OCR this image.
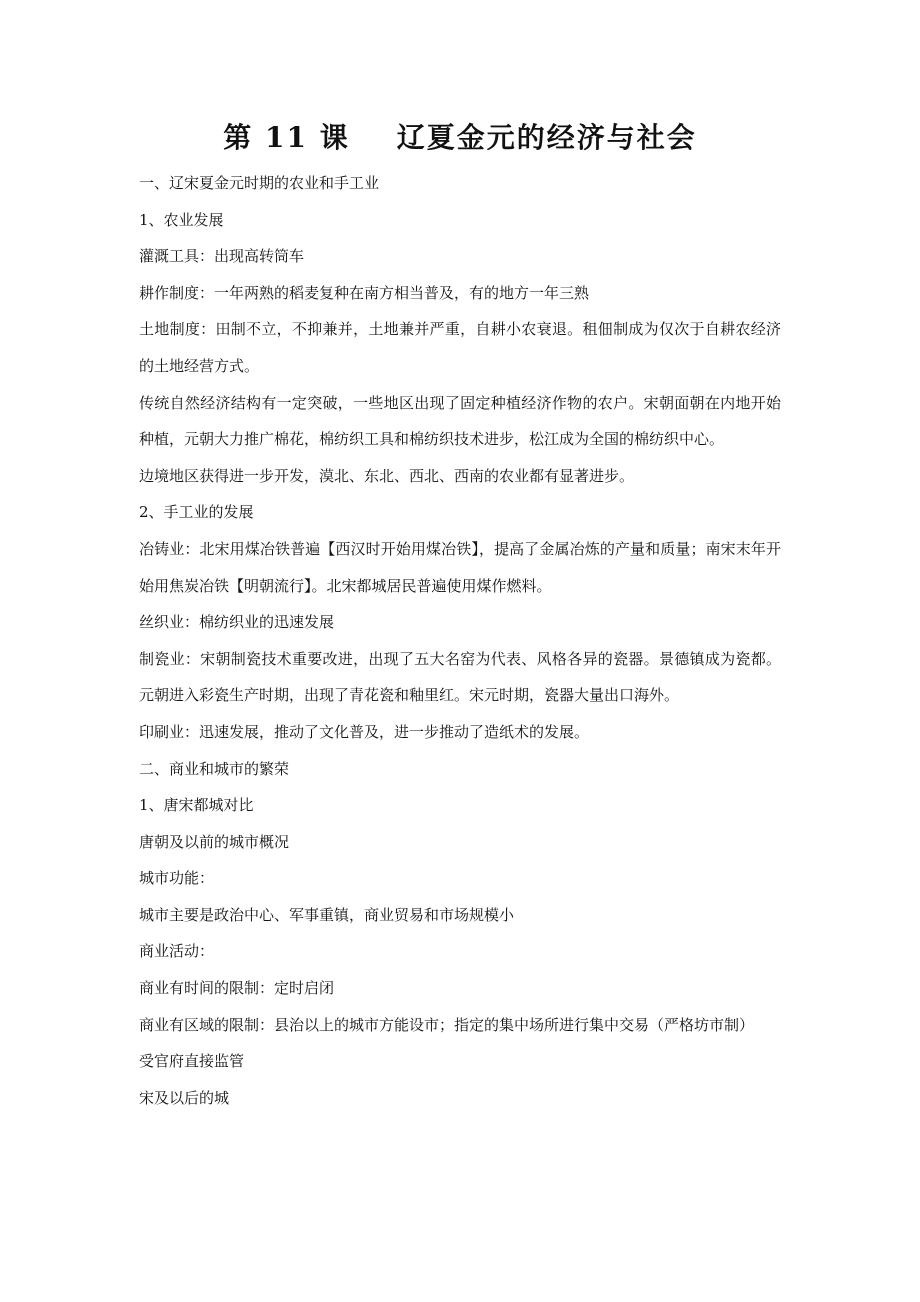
第 11 课    辽夏金元的经济与社会

一、辽宋夏金元时期的农业和手工业

1、农业发展

灌溉工具：出现高转筒车

耕作制度：一年两熟的稻麦复种在南方相当普及，有的地方一年三熟

土地制度：田制不立，不抑兼并，土地兼并严重，自耕小农衰退。租佃制成为仅次于自耕农经济的土地经营方式。

传统自然经济结构有一定突破，一些地区出现了固定种植经济作物的农户。宋朝面朝在内地开始种植，元朝大力推广棉花，棉纺织工具和棉纺织技术进步，松江成为全国的棉纺织中心。

边境地区获得进一步开发，漠北、东北、西北、西南的农业都有显著进步。

2、手工业的发展

冶铸业：北宋用煤冶铁普遍【西汉时开始用煤冶铁】，提高了金属冶炼的产量和质量；南宋末年开始用焦炭冶铁【明朝流行】。北宋都城居民普遍使用煤作燃料。

丝织业：棉纺织业的迅速发展

制瓷业：宋朝制瓷技术重要改进，出现了五大名窑为代表、风格各异的瓷器。景德镇成为瓷都。元朝进入彩瓷生产时期，出现了青花瓷和釉里红。宋元时期，瓷器大量出口海外。

印刷业：迅速发展，推动了文化普及，进一步推动了造纸术的发展。

二、商业和城市的繁荣

1、唐宋都城对比

唐朝及以前的城市概况

城市功能：

城市主要是政治中心、军事重镇，商业贸易和市场规模小

商业活动：

商业有时间的限制：定时启闭

商业有区域的限制：县治以上的城市方能设市；指定的集中场所进行集中交易（严格坊市制）

受官府直接监管

宋及以后的城
